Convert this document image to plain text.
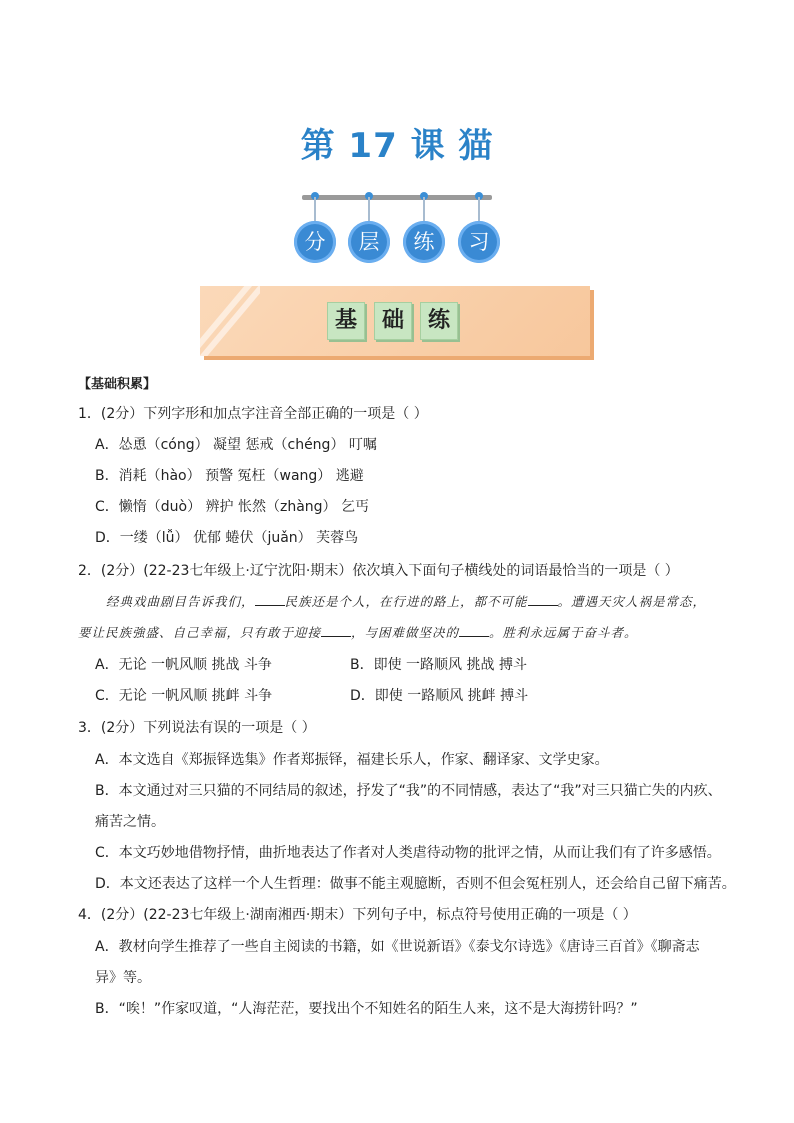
第 17 课 猫
分	层	练	习
基	础	练
【基础积累】
1．(2分）下列字形和加点字注音全部正确的一项是（ ）
A．怂恿（cóng） 凝望 惩戒（chéng） 叮嘱
B．消耗（hào） 预警 冤枉（wang） 逃避
C．懒惰（duò） 辨护 怅然（zhàng） 乞丐
D．一缕（lǚ） 优郁 蜷伏（juǎn） 芙蓉鸟
2．(2分）(22-23七年级上·辽宁沈阳·期末）依次填入下面句子横线处的词语最恰当的一项是（ ）
经典戏曲剧目告诉我们， 民族还是个人，在行进的路上，都不可能 。遭遇天灾人祸是常态，
要让民族強盛、自己幸福，只有敢于迎接 ，与困难做坚决的 。胜利永远属于奋斗者。
A．无论 一帆风顺 挑战 斗争	B．即使 一路顺风 挑战 搏斗
C．无论 一帆风顺 挑衅 斗争	D．即使 一路顺风 挑衅 搏斗
3．(2分）下列说法有误的一项是（ ）
A．本文选自《郑振铎选集》作者郑振铎，福建长乐人，作家、翻译家、文学史家。
B．本文通过对三只猫的不同结局的叙述，抒发了“我”的不同情感，表达了“我”对三只猫亡失的内疚、
痛苦之情。
C．本文巧妙地借物抒情，曲折地表达了作者对人类虐待动物的批评之情，从而让我们有了许多感悟。
D．本文还表达了这样一个人生哲理：做事不能主观臆断，否则不但会冤枉别人，还会给自己留下痛苦。
4．(2分）(22-23七年级上·湖南湘西·期末）下列句子中，标点符号使用正确的一项是（ ）
A．教材向学生推荐了一些自主阅读的书籍，如《世说新语》《泰戈尔诗选》《唐诗三百首》《聊斋志
异》等。
B．“唉！”作家叹道，“人海茫茫，要找出个不知姓名的陌生人来，这不是大海捞针吗？”
